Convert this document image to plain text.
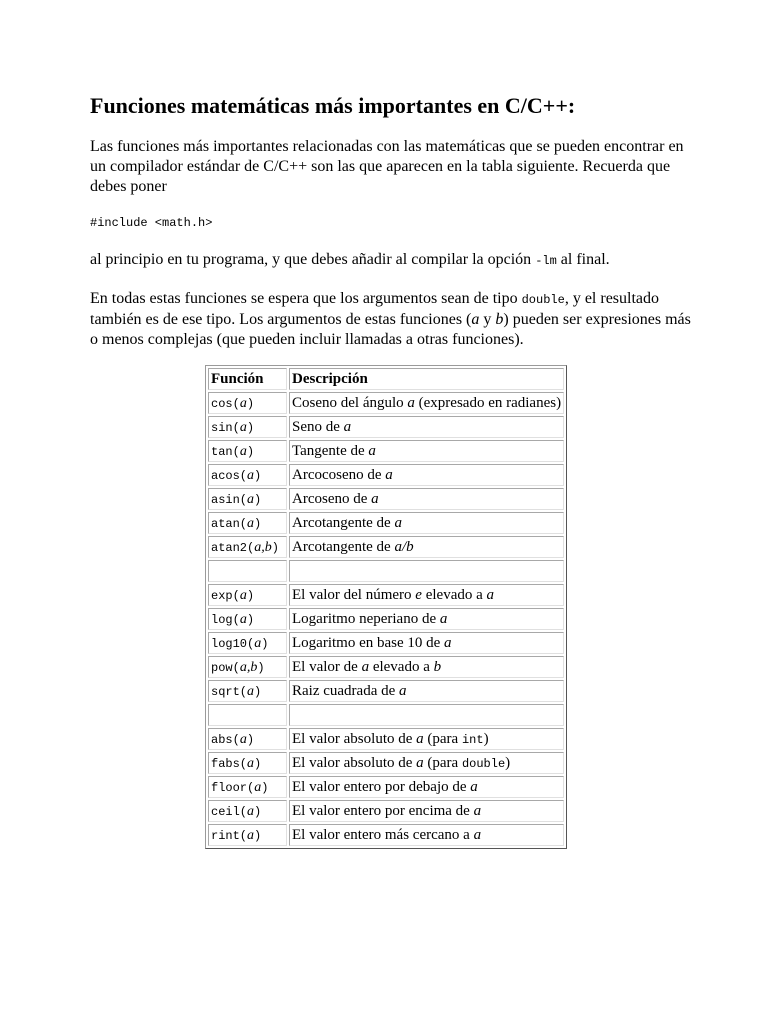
Funciones matemáticas más importantes en C/C++:

Las funciones más importantes relacionadas con las matemáticas que se pueden encontrar en un compilador estándar de C/C++ son las que aparecen en la tabla siguiente. Recuerda que debes poner

#include <math.h>

al principio en tu programa, y que debes añadir al compilar la opción -lm al final.

En todas estas funciones se espera que los argumentos sean de tipo double, y el resultado también es de ese tipo. Los argumentos de estas funciones (a y b) pueden ser expresiones más o menos complejas (que pueden incluir llamadas a otras funciones).

Función	Descripción
cos(a)	Coseno del ángulo a (expresado en radianes)
sin(a)	Seno de a
tan(a)	Tangente de a
acos(a)	Arcocoseno de a
asin(a)	Arcoseno de a
atan(a)	Arcotangente de a
atan2(a,b)	Arcotangente de a/b

exp(a)	El valor del número e elevado a a
log(a)	Logaritmo neperiano de a
log10(a)	Logaritmo en base 10 de a
pow(a,b)	El valor de a elevado a b
sqrt(a)	Raiz cuadrada de a

abs(a)	El valor absoluto de a (para int)
fabs(a)	El valor absoluto de a (para double)
floor(a)	El valor entero por debajo de a
ceil(a)	El valor entero por encima de a
rint(a)	El valor entero más cercano a a
